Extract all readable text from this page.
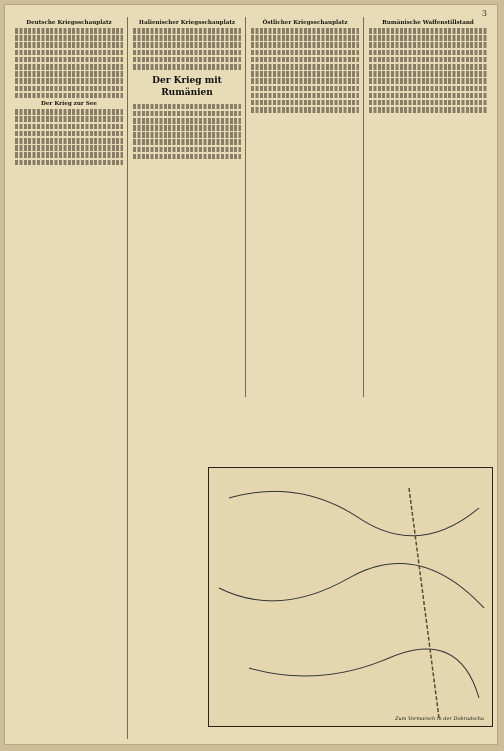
3
Deutsche Kriegsschauplatz
Der Krieg zur See
Italienischer Kriegsschauplatz
Der Krieg mit Rumänien
Östlicher Kriegsschauplatz	Rumänische Waffenstillstand
Zum Vormarsch in der Dobrudscha
